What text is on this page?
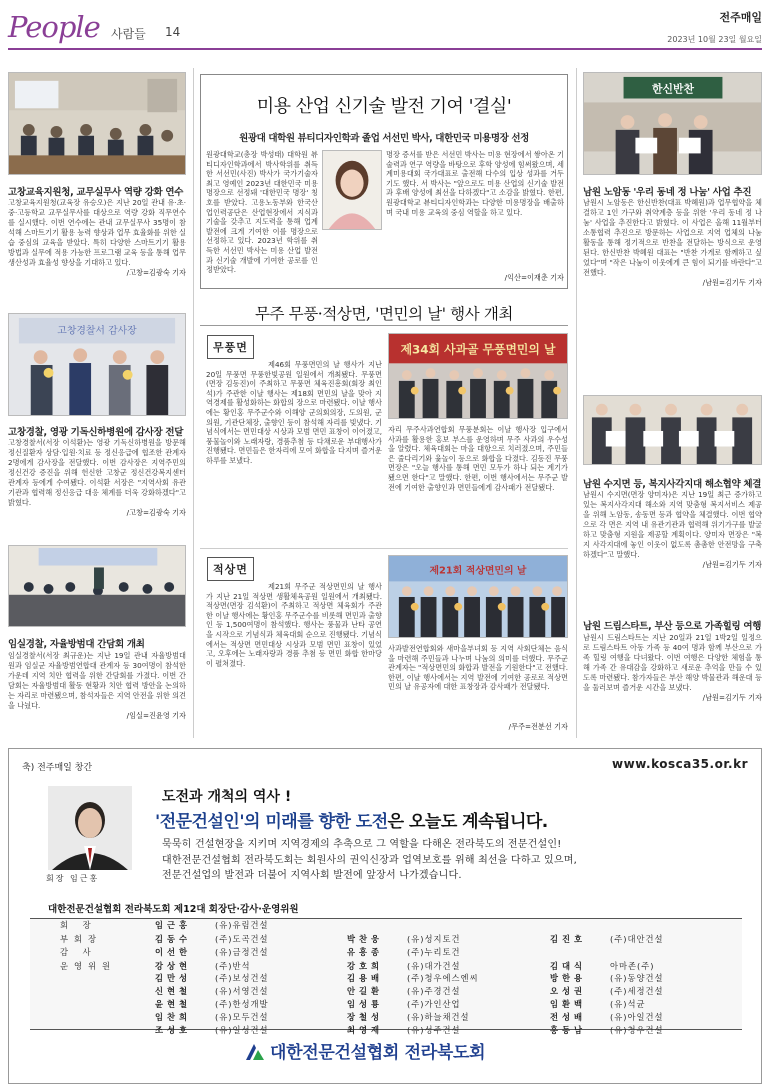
People 사람들 14
전주매일
2023년 10월 23일 월요일
고창교육지원청, 교무실무사 역량 강화 연수
고창교육지원청(교육장 유승오)은 지난 20일 관내 유·초·중·고등학교 교무실무사를 대상으로 역량 강화 직무연수를 실시했다. 이번 연수에는 관내 교무실무사 35명이 참석해 스마트기기 활용 능력 향상과 업무 효율화를 위한 실습 중심의 교육을 받았다. 특히 다양한 스마트기기 활용 방법과 실무에 적용 가능한 프로그램 교육 등을 통해 업무 생산성과 효율성 향상을 기대하고 있다.
/고창=김광숙 기자
고창경찰서 감사장
고창경찰, 영광 기독신하병원에 감사장 전달
고창경찰서(서장 이석환)는 영광 기독신하병원을 방문해 정신질환자 상담·입원·치료 등 정신응급에 협조한 관계자 2명에게 감사장을 전달했다. 이번 감사장은 지역주민의 정신건강 증진을 위해 헌신한 고창군 정신건강복지센터 관계자 등에게 수여됐다. 이석환 서장은 "지역사회 유관기관과 협력해 정신응급 대응 체계를 더욱 강화하겠다"고 밝혔다.
/고창=김광숙 기자
임실경찰, 자율방범대 간담회 개최
임실경찰서(서장 최규운)는 지난 19일 관내 자율방범대원과 임실군 자율방범연합대 관계자 등 30여명이 참석한 가운데 지역 치안 협력을 위한 간담회를 가졌다. 이번 간담회는 자율방범대 활동 현황과 치안 협력 방안을 논의하는 자리로 마련됐으며, 참석자들은 지역 안전을 위한 의견을 나눴다.
/임실=진윤영 기자
미용 산업 신기술 발전 기여 '결실'
원광대 대학원 뷰티디자인학과 졸업 서선민 박사, 대한민국 미용명장 선정
원광대학교(총장 박성태) 대학원 뷰티디자인학과에서 박사학위를 취득한 서선민(사진) 박사가 국가기술자 최고 영예인 2023년 대한민국 미용명장으로 선정돼 '대한민국 명장' 칭호를 받았다. 고용노동부와 한국산업인력공단은 산업현장에서 지식과 기술을 갖추고 지도력을 통해 업계 발전에 크게 기여한 이를 명장으로 선정하고 있다. 2023년 학위를 취득한 서선민 박사는 미용 산업 발전과 신기술 개발에 기여한 공로를 인정받았다.
명장 증서를 받은 서선민 박사는 미용 현장에서 쌓아온 기술력과 연구 역량을 바탕으로 후학 양성에 힘써왔으며, 세계미용대회 국가대표로 출전해 다수의 입상 성과를 거두기도 했다. 서 박사는 "앞으로도 미용 산업의 신기술 발전과 후배 양성에 최선을 다하겠다"고 소감을 밝혔다. 한편, 원광대학교 뷰티디자인학과는 다양한 미용명장을 배출하며 국내 미용 교육의 중심 역할을 하고 있다.
/익산=이재춘 기자
무주 무풍·적상면, '면민의 날' 행사 개최
무풍면
제46회 무풍면민의 날 행사가 지난 20일 무풍면 무풍한빛공원 일원에서 개최됐다. 무풍면(면장 김동진)이 주최하고 무풍면 체육진흥회(회장 최인석)가 주관한 이날 행사는 제18회 면민의 날을 맞아 지역경제를 활성화하는 화합의 장으로 마련됐다. 이날 행사에는 황인홍 무주군수와 이해양 군의회의장, 도의원, 군의원, 기관단체장, 출향인 등이 참석해 자리를 빛냈다. 기념식에서는 면민대상 시상과 모범 면민 표창이 이어졌고, 풍물놀이와 노래자랑, 경품추첨 등 다채로운 부대행사가 진행됐다. 면민들은 한자리에 모여 화합을 다지며 즐거운 하루를 보냈다.
제34회 사과골 무풍면민의 날
자리 무주사과연합회 무풍분회는 이날 행사장 입구에서 사과를 활용한 홍보 부스를 운영하며 무주 사과의 우수성을 알렸다. 체육대회는 마을 대항으로 치러졌으며, 주민들은 줄다리기와 윷놀이 등으로 화합을 다졌다. 김동진 무풍면장은 "오늘 행사를 통해 면민 모두가 하나 되는 계기가 됐으면 한다"고 말했다. 한편, 이번 행사에서는 무주군 발전에 기여한 출향인과 면민들에게 감사패가 전달됐다.
적상면
제21회 무주군 적상면민의 날 행사가 지난 21일 적상면 생활체육공원 일원에서 개최됐다. 적상면(면장 김석환)이 주최하고 적상면 체육회가 주관한 이날 행사에는 황인홍 무주군수를 비롯해 면민과 출향인 등 1,500여명이 참석했다. 행사는 풍물과 난타 공연을 시작으로 기념식과 체육대회 순으로 진행됐다. 기념식에서는 적상면 면민대상 시상과 모범 면민 표창이 있었고, 오후에는 노래자랑과 경품 추첨 등 면민 화합 한마당이 펼쳐졌다.
제21회 적상면민의 날
사과발전연합회와 새마을부녀회 등 지역 사회단체는 음식을 마련해 주민들과 나누며 나눔의 의미를 더했다. 무주군 관계자는 "적상면민의 화합과 발전을 기원한다"고 전했다. 한편, 이날 행사에서는 지역 발전에 기여한 공로로 적상면민의 날 유공자에 대한 표창장과 감사패가 전달됐다.
/무주=전분선 기자
한신반찬
남원 노암동 '우리 동네 정 나눔' 사업 추진
남원시 노암동은 한신반찬(대표 박혜원)과 업무협약을 체결하고 1인 가구와 취약계층 등을 위한 '우리 동네 정 나눔' 사업을 추진한다고 밝혔다. 이 사업은 올해 11월부터 소통협력 추진으로 방문하는 사업으로 지역 업체의 나눔 활동을 통해 정기적으로 반찬을 전달하는 방식으로 운영된다. 한신반찬 박혜원 대표는 "반찬 가게로 함께하고 싶었다"며 "작은 나눔이 이웃에게 큰 힘이 되기를 바란다"고 전했다.
/남원=김기두 기자
남원 수지면 등, 복지사각지대 해소협약 체결
남원시 수지면(면장 양미자)은 지난 19일 최근 증가하고 있는 복지사각지대 해소와 지역 맞춤형 복지서비스 제공을 위해 노암동, 송동면 등과 협약을 체결했다. 이번 협약으로 각 면은 지역 내 유관기관과 협력해 위기가구를 발굴하고 맞춤형 지원을 제공할 계획이다. 양미자 면장은 "복지 사각지대에 놓인 이웃이 없도록 촘촘한 안전망을 구축하겠다"고 말했다.
/남원=김기두 기자
남원 드림스타트, 부산 등으로 가족힐링 여행
남원시 드림스타트는 지난 20일과 21일 1박2일 일정으로 드림스타트 아동 가족 등 40여 명과 함께 부산으로 가족 힐링 여행을 다녀왔다. 이번 여행은 다양한 체험을 통해 가족 간 유대감을 강화하고 새로운 추억을 만들 수 있도록 마련됐다. 참가자들은 부산 해양 박물관과 해운대 등을 둘러보며 즐거운 시간을 보냈다.
/남원=김기두 기자
축) 전주매일 창간	www.kosca35.or.kr
회장 임근홍
도전과 개척의 역사 !
'전문건설인'의 미래를 향한 도전은 오늘도 계속됩니다.
묵묵히 건설현장을 지키며 지역경제의 추축으로 그 역할을 다해온 전라북도의 전문건설인!
대한전문건설협회 전라북도회는 회원사의 권익신장과 업역보호를 위해 최선을 다하고 있으며,
전문건설업의 발전과 더불어 지역사회 발전에 앞장서 나가겠습니다.
대한전문건설협회 전라북도회 제12대 회장단·감사·운영위원
회 장	임근홍	(유)유림건설
부회장	김동수	(주)도곡건설	박찬웅	(유)성지토건	김진호	(주)대안건설
감 사	이선한	(유)금정건설	유흥종	(주)누리토건
운영위원	강상현	(주)반석	강호희	(유)대가건설	김대식	아마존(주)
김만성	(주)보성건설	김용배	(주)청우에스엔씨	방한용	(유)동양건설
신현철	(유)서영건설	안길환	(유)주경건설	오성권	(주)세정건설
윤현철	(주)한성개발	임성룡	(주)가인산업	임환백	(유)석균
임찬희	(유)모두건설	장철성	(유)하늘채건설	전성배	(유)아일건설
조성호	(유)일성건설	최영재	(유)성주건설	홍동남	(유)청우건설
대한전문건설협회 전라북도회
